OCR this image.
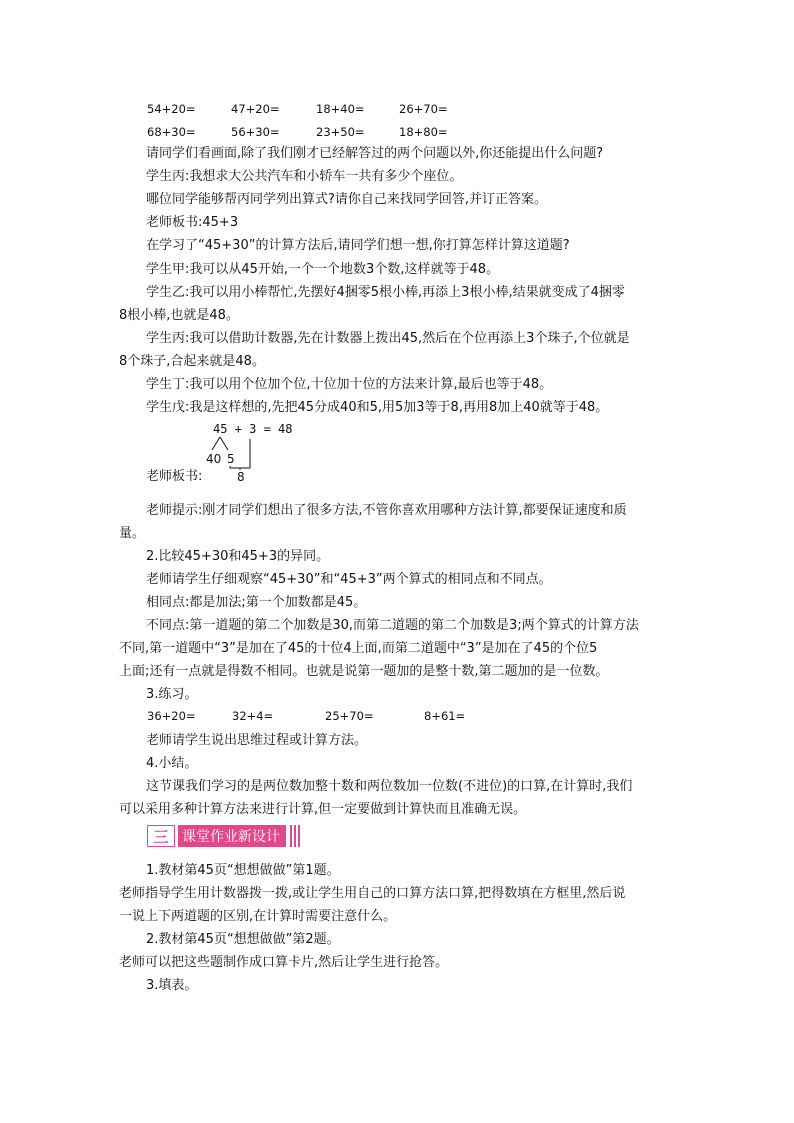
54+20=	47+20=	18+40=	26+70=
68+30=	56+30=	23+50=	18+80=
请同学们看画面,除了我们刚才已经解答过的两个问题以外,你还能提出什么问题?
学生丙:我想求大公共汽车和小轿车一共有多少个座位。
哪位同学能够帮丙同学列出算式?请你自己来找同学回答,并订正答案。
老师板书:45+3
在学习了“45+30”的计算方法后,请同学们想一想,你打算怎样计算这道题?
学生甲:我可以从45开始,一个一个地数3个数,这样就等于48。
学生乙:我可以用小棒帮忙,先摆好4捆零5根小棒,再添上3根小棒,结果就变成了4捆零
8根小棒,也就是48。
学生丙:我可以借助计数器,先在计数器上拨出45,然后在个位再添上3个珠子,个位就是
8个珠子,合起来就是48。
学生丁:我可以用个位加个位,十位加十位的方法来计算,最后也等于48。
学生戊:我是这样想的,先把45分成40和5,用5加3等于8,再用8加上40就等于48。
45 + 3 = 48
40 5
8
老师板书:
老师提示:刚才同学们想出了很多方法,不管你喜欢用哪种方法计算,都要保证速度和质
量。
2.比较45+30和45+3的异同。
老师请学生仔细观察“45+30”和“45+3”两个算式的相同点和不同点。
相同点:都是加法;第一个加数都是45。
不同点:第一道题的第二个加数是30,而第二道题的第二个加数是3;两个算式的计算方法
不同,第一道题中“3”是加在了45的十位4上面,而第二道题中“3”是加在了45的个位5
上面;还有一点就是得数不相同。也就是说第一题加的是整十数,第二题加的是一位数。
3.练习。
36+20=	32+4=	25+70=	8+61=
老师请学生说出思维过程或计算方法。
4.小结。
这节课我们学习的是两位数加整十数和两位数加一位数(不进位)的口算,在计算时,我们
可以采用多种计算方法来进行计算,但一定要做到计算快而且准确无误。
三 课堂作业新设计
1.教材第45页“想想做做”第1题。
老师指导学生用计数器拨一拨,或让学生用自己的口算方法口算,把得数填在方框里,然后说
一说上下两道题的区别,在计算时需要注意什么。
2.教材第45页“想想做做”第2题。
老师可以把这些题制作成口算卡片,然后让学生进行抢答。
3.填表。
